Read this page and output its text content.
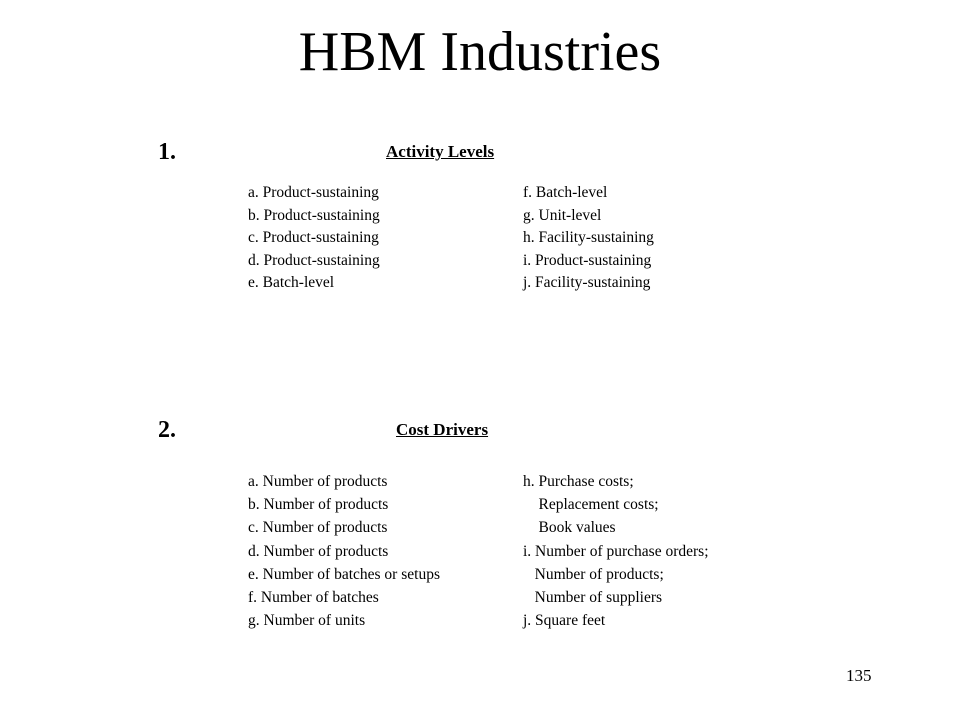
HBM Industries
1.	Activity Levels
a. Product-sustaining
b. Product-sustaining
c. Product-sustaining
d. Product-sustaining
e. Batch-level
f. Batch-level
g. Unit-level
h. Facility-sustaining
i. Product-sustaining
j. Facility-sustaining
2.	Cost Drivers
a. Number of products
b. Number of products
c. Number of products
d. Number of products
e. Number of batches or setups
f. Number of batches
g. Number of units
h. Purchase costs;
Replacement costs;
Book values
i. Number of purchase orders;
Number of products;
Number of suppliers
j. Square feet
135
